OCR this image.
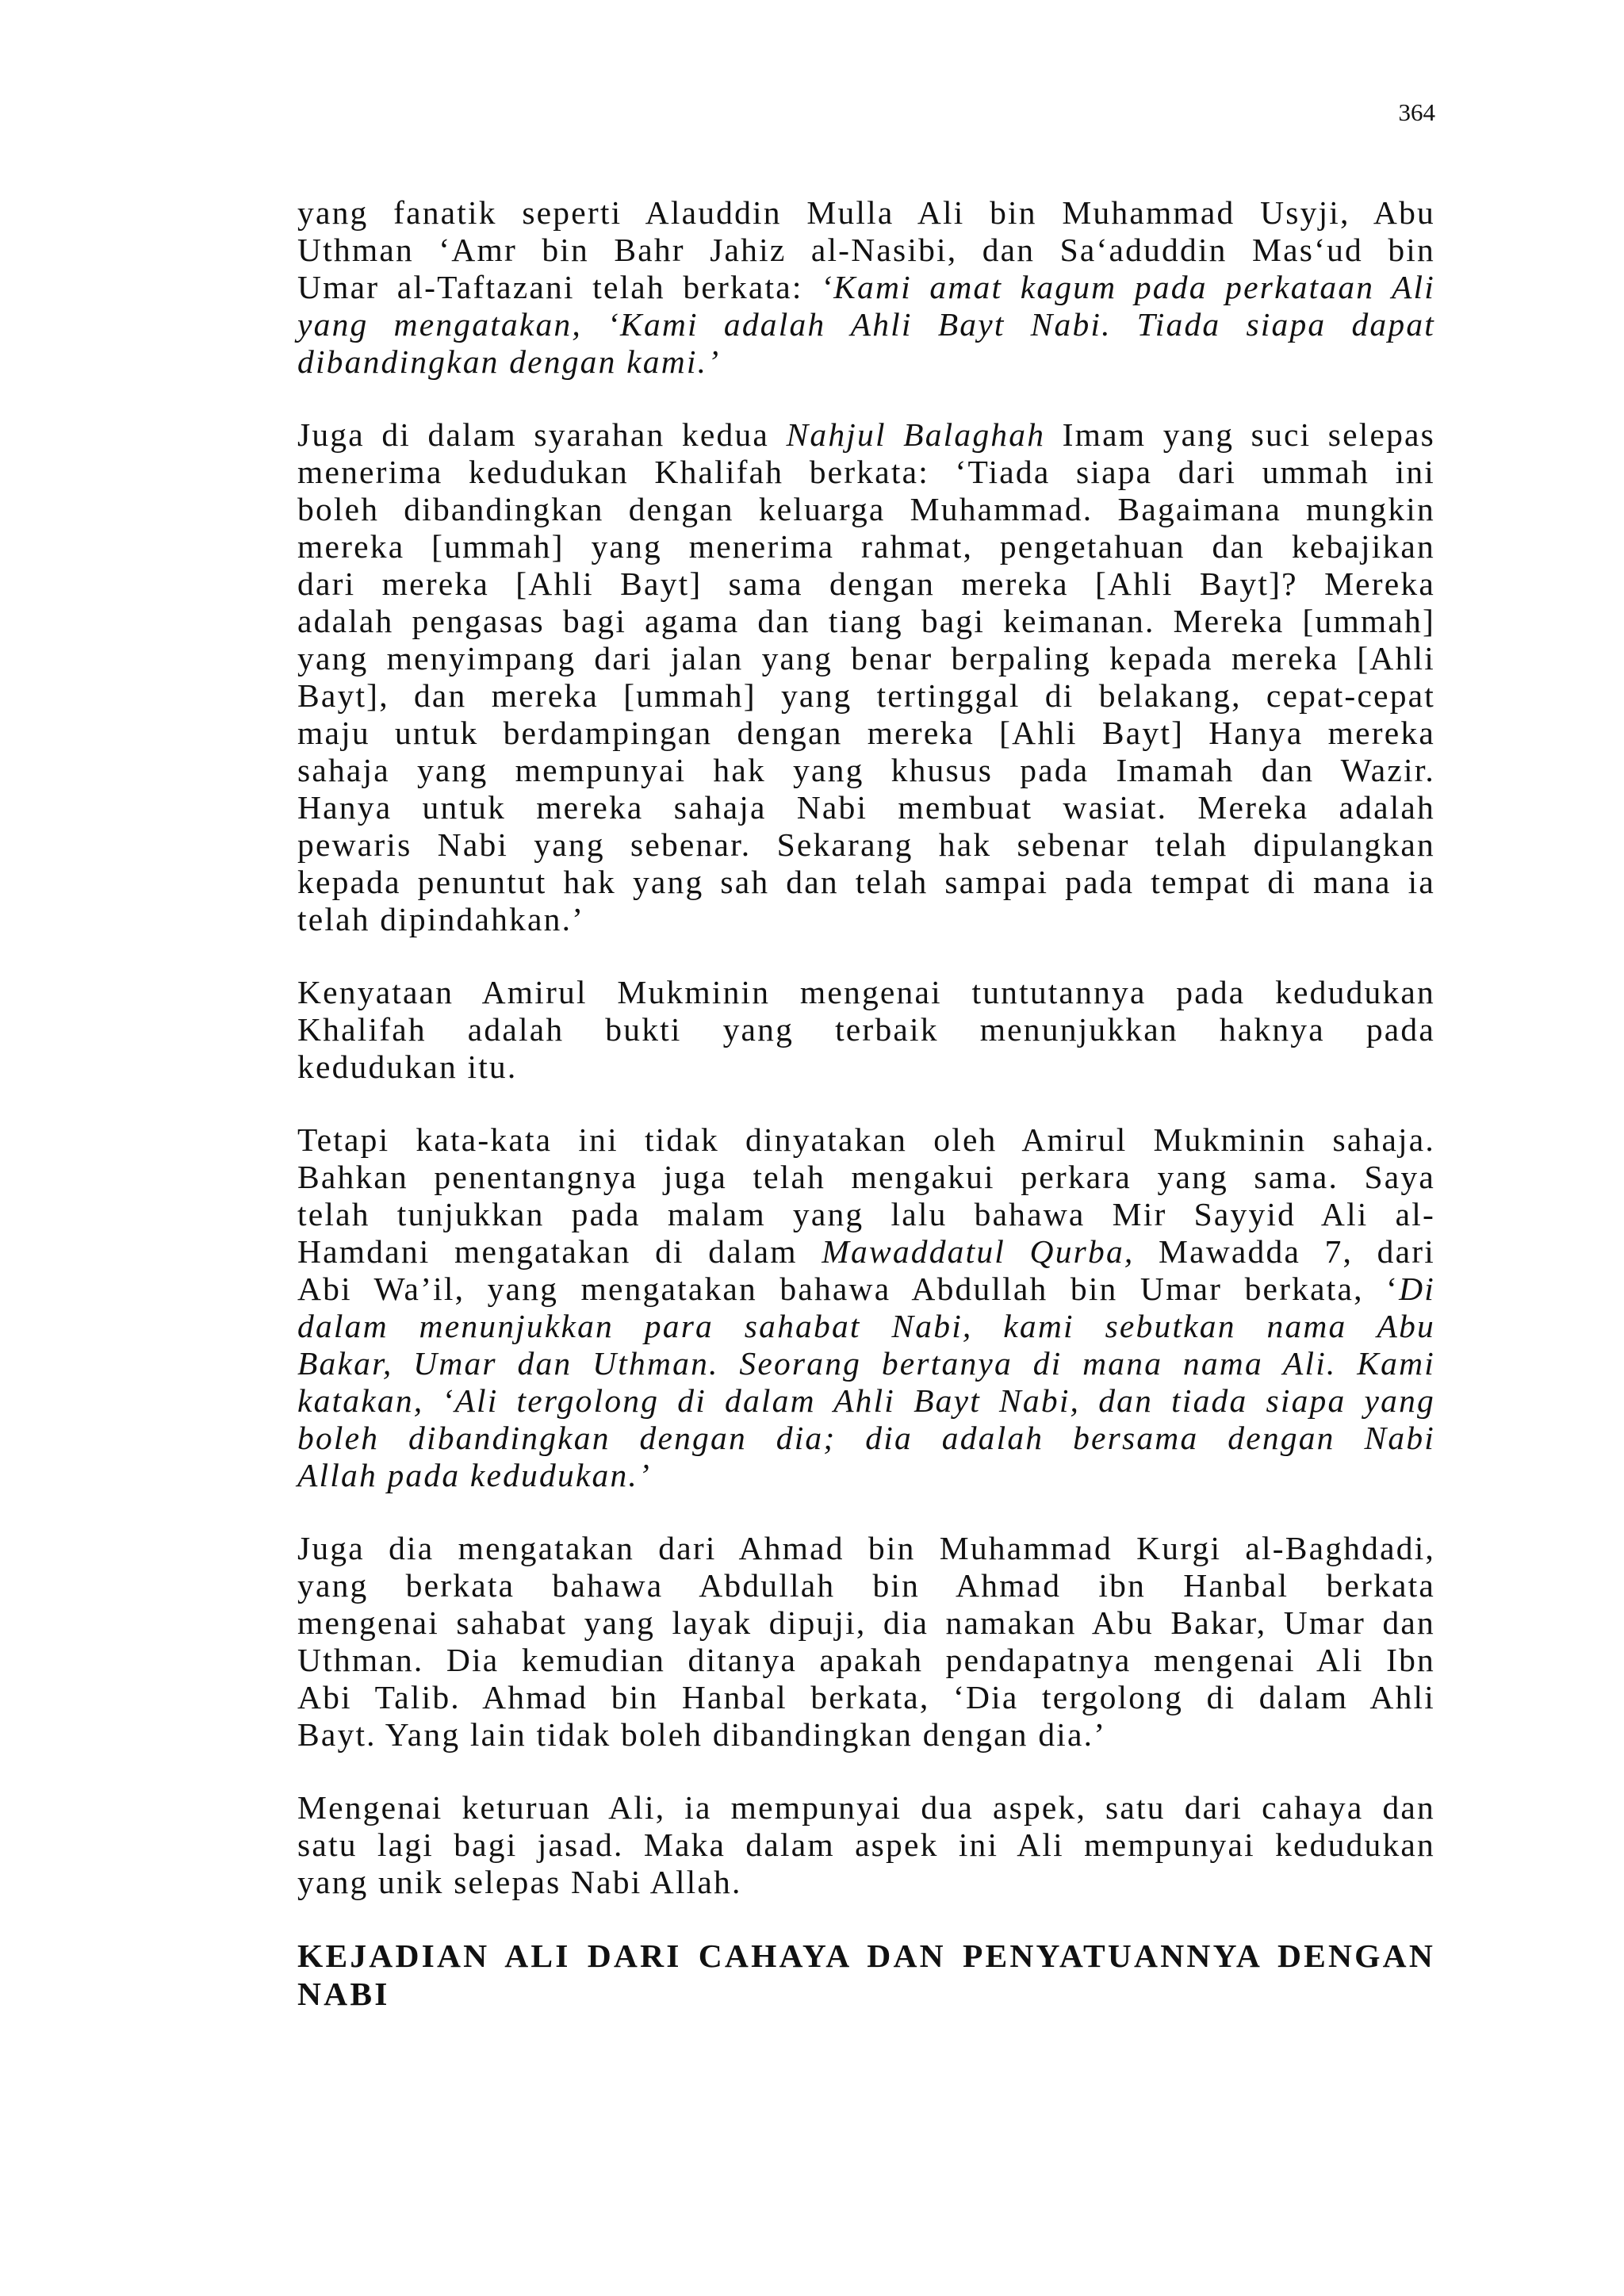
364

yang fanatik seperti Alauddin Mulla Ali bin Muhammad Usyji, Abu
Uthman ‘Amr bin Bahr Jahiz al-Nasibi, dan Sa‘aduddin Mas‘ud bin
Umar al-Taftazani telah berkata: ‘Kami amat kagum pada perkataan Ali
yang mengatakan, ‘Kami adalah Ahli Bayt Nabi. Tiada siapa dapat
dibandingkan dengan kami.’

Juga di dalam syarahan kedua Nahjul Balaghah Imam yang suci selepas
menerima kedudukan Khalifah berkata: ‘Tiada siapa dari ummah ini
boleh dibandingkan dengan keluarga Muhammad. Bagaimana mungkin
mereka [ummah] yang menerima rahmat, pengetahuan dan kebajikan
dari mereka [Ahli Bayt] sama dengan mereka [Ahli Bayt]? Mereka
adalah pengasas bagi agama dan tiang bagi keimanan. Mereka [ummah]
yang menyimpang dari jalan yang benar berpaling kepada mereka [Ahli
Bayt], dan mereka [ummah] yang tertinggal di belakang, cepat-cepat
maju untuk berdampingan dengan mereka [Ahli Bayt] Hanya mereka
sahaja yang mempunyai hak yang khusus pada Imamah dan Wazir.
Hanya untuk mereka sahaja Nabi membuat wasiat. Mereka adalah
pewaris Nabi yang sebenar. Sekarang hak sebenar telah dipulangkan
kepada penuntut hak yang sah dan telah sampai pada tempat di mana ia
telah dipindahkan.’

Kenyataan Amirul Mukminin mengenai tuntutannya pada kedudukan
Khalifah adalah bukti yang terbaik menunjukkan haknya pada
kedudukan itu.

Tetapi kata-kata ini tidak dinyatakan oleh Amirul Mukminin sahaja.
Bahkan penentangnya juga telah mengakui perkara yang sama. Saya
telah tunjukkan pada malam yang lalu bahawa Mir Sayyid Ali al-
Hamdani mengatakan di dalam Mawaddatul Qurba, Mawadda 7, dari
Abi Wa’il, yang mengatakan bahawa Abdullah bin Umar berkata, ‘Di
dalam menunjukkan para sahabat Nabi, kami sebutkan nama Abu
Bakar, Umar dan Uthman. Seorang bertanya di mana nama Ali. Kami
katakan, ‘Ali tergolong di dalam Ahli Bayt Nabi, dan tiada siapa yang
boleh dibandingkan dengan dia; dia adalah bersama dengan Nabi
Allah pada kedudukan.’

Juga dia mengatakan dari Ahmad bin Muhammad Kurgi al-Baghdadi,
yang berkata bahawa Abdullah bin Ahmad ibn Hanbal berkata
mengenai sahabat yang layak dipuji, dia namakan Abu Bakar, Umar dan
Uthman. Dia kemudian ditanya apakah pendapatnya mengenai Ali Ibn
Abi Talib. Ahmad bin Hanbal berkata, ‘Dia tergolong di dalam Ahli
Bayt. Yang lain tidak boleh dibandingkan dengan dia.’

Mengenai keturuan Ali, ia mempunyai dua aspek, satu dari cahaya dan
satu lagi bagi jasad. Maka dalam aspek ini Ali mempunyai kedudukan
yang unik selepas Nabi Allah.

KEJADIAN ALI DARI CAHAYA DAN PENYATUANNYA DENGAN
NABI
